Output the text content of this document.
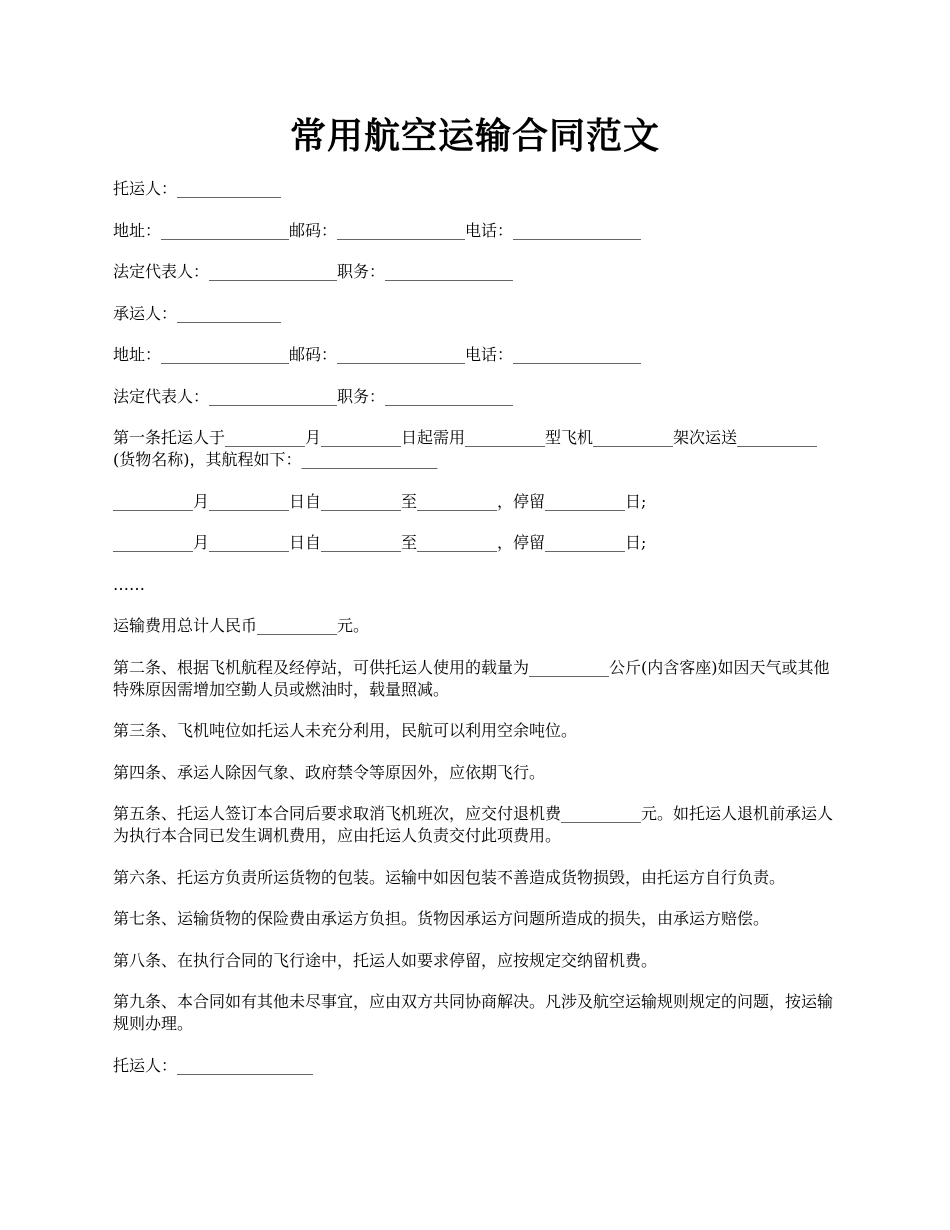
常用航空运输合同范文

托运人：_____________

地址：________________邮码：________________电话：________________

法定代表人：________________职务：________________

承运人：_____________

地址：________________邮码：________________电话：________________

法定代表人：________________职务：________________

第一条托运人于__________月__________日起需用__________型飞机__________架次运送__________(货物名称)，其航程如下：_________________

__________月__________日自__________至__________，停留__________日;

__________月__________日自__________至__________，停留__________日;

……

运输费用总计人民币__________元。

第二条、根据飞机航程及经停站，可供托运人使用的载量为__________公斤(内含客座)如因天气或其他特殊原因需增加空勤人员或燃油时，载量照减。

第三条、飞机吨位如托运人未充分利用，民航可以利用空余吨位。

第四条、承运人除因气象、政府禁令等原因外，应依期飞行。

第五条、托运人签订本合同后要求取消飞机班次，应交付退机费__________元。如托运人退机前承运人为执行本合同已发生调机费用，应由托运人负责交付此项费用。

第六条、托运方负责所运货物的包装。运输中如因包装不善造成货物损毁，由托运方自行负责。

第七条、运输货物的保险费由承运方负担。货物因承运方问题所造成的损失，由承运方赔偿。

第八条、在执行合同的飞行途中，托运人如要求停留，应按规定交纳留机费。

第九条、本合同如有其他未尽事宜，应由双方共同协商解决。凡涉及航空运输规则规定的问题，按运输规则办理。

托运人：_________________
